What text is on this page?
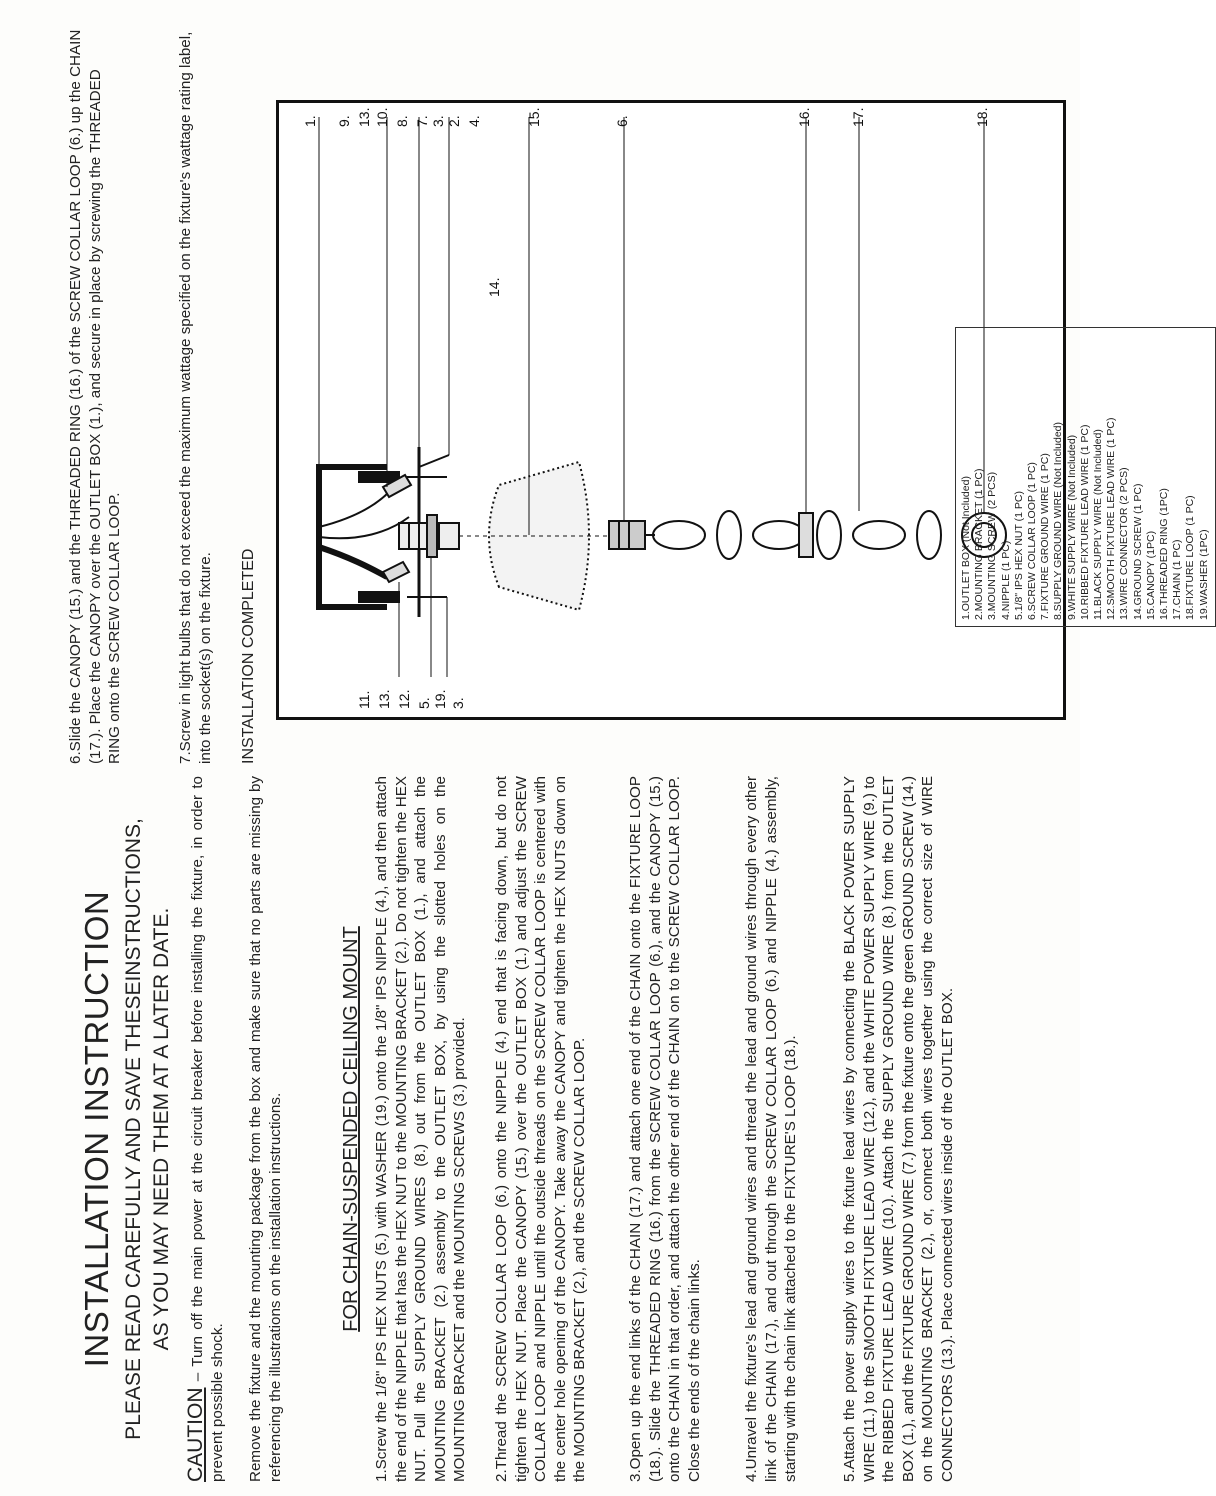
INSTALLATION INSTRUCTION PLEASE READ CAREFULLY AND SAVE THESEINSTRUCTIONS, AS YOU MAY NEED THEM AT A LATER DATE.

CAUTION – Turn off the main power at the circuit breaker before installing the fixture, in order to prevent possible shock. Remove the fixture and the mounting package from the box and make sure that no parts are missing by referencing the illustrations on the installation instructions.	FOR CHAIN-SUSPENDED CEILING MOUNT 1.Screw the 1/8" IPS HEX NUTS (5.) with WASHER (19.) onto the 1/8" IPS NIPPLE (4.), and then attach the end of the NIPPLE that has the HEX NUT to the MOUNTING BRACKET (2.). Do not tighten the HEX NUT. Pull the SUPPLY GROUND WIRES (8.) out from the OUTLET BOX (1.), and attach the MOUNTING BRACKET (2.) assembly to the OUTLET BOX, by using the slotted holes on the MOUNTING BRACKET and the MOUNTING SCREWS (3.) provided. 2.Thread the SCREW COLLAR LOOP (6.) onto the NIPPLE (4.) end that is facing down, but do not tighten the HEX NUT. Place the CANOPY (15.) over the OUTLET BOX (1.) and adjust the SCREW COLLAR LOOP and NIPPLE until the outside threads on the SCREW COLLAR LOOP is centered with the center hole opening of the CANOPY. Take away the CANOPY and tighten the HEX NUTS down on the MOUNTING BRACKET (2.), and the SCREW COLLAR LOOP.	3.Open up the end links of the CHAIN (17.) and attach one end of the CHAIN onto the FIXTURE LOOP (18.). Slide the THREADED RING (16.) from the SCREW COLLAR LOOP (6.), and the CANOPY (15.) onto the CHAIN in that order, and attach the other end of the CHAIN on to the SCREW COLLAR LOOP. Close the ends of the chain links.	4.Unravel the fixture's lead and ground wires and thread the lead and ground wires through every other link of the CHAIN (17.), and out through the SCREW COLLAR LOOP (6.) and NIPPLE (4.) assembly, starting with the chain link attached to the FIXTURE'S LOOP (18.).	5.Attach the power supply wires to the fixture lead wires by connecting the BLACK POWER SUPPLY WIRE (11.) to the SMOOTH FIXTURE LEAD WIRE (12.), and the WHITE POWER SUPPLY WIRE (9.) to the RIBBED FIXTURE LEAD WIRE (10.). Attach the SUPPLY GROUND WIRE (8.) from the OUTLET BOX (1.), and the FIXTURE GROUND WIRE (7.) from the fixture onto the green GROUND SCREW (14.) on the MOUNTING BRACKET (2.), or, connect both wires together using the correct size of WIRE CONNECTORS (13.). Place connected wires inside of the OUTLET BOX.

6.Slide the CANOPY (15.) and the THREADED RING (16.) of the SCREW COLLAR LOOP (6.) up the CHAIN (17.). Place the CANOPY over the OUTLET BOX (1.), and secure in place by screwing the THREADED RING onto the SCREW COLLAR LOOP.	7.Screw in light bulbs that do not exceed the maximum wattage specified on the fixture's wattage rating label, into the socket(s) on the fixture. INSTALLATION COMPLETED
1. 9. 13. 10. 8. 7. 3. 2. 4.
14.
15.	6.	16.	17.	18.
11. 13. 12. 5. 19. 3.
1.OUTLET BOX (Not Included) 2.MOUNTING BRACKET (1 PC) 3.MOUNTING SCREW (2 PCS) 4.NIPPLE (1 PC) 5.1/8" IPS HEX NUT (1 PC) 6.SCREW COLLAR LOOP (1 PC) 7.FIXTURE GROUND WIRE (1 PC) 8.SUPPLY GROUND WIRE (Not Included) 9.WHITE SUPPLY WIRE (Not Included) 10.RIBBED FIXTURE LEAD WIRE (1 PC) 11.BLACK SUPPLY WIRE (Not Included) 12.SMOOTH FIXTURE LEAD WIRE (1 PC) 13.WIRE CONNECTOR (2 PCS) 14.GROUND SCREW (1 PC) 15.CANOPY (1PC) 16.THREADED RING (1PC) 17.CHAIN (1 PC) 18.FIXTURE LOOP (1 PC) 19.WASHER (1PC)
